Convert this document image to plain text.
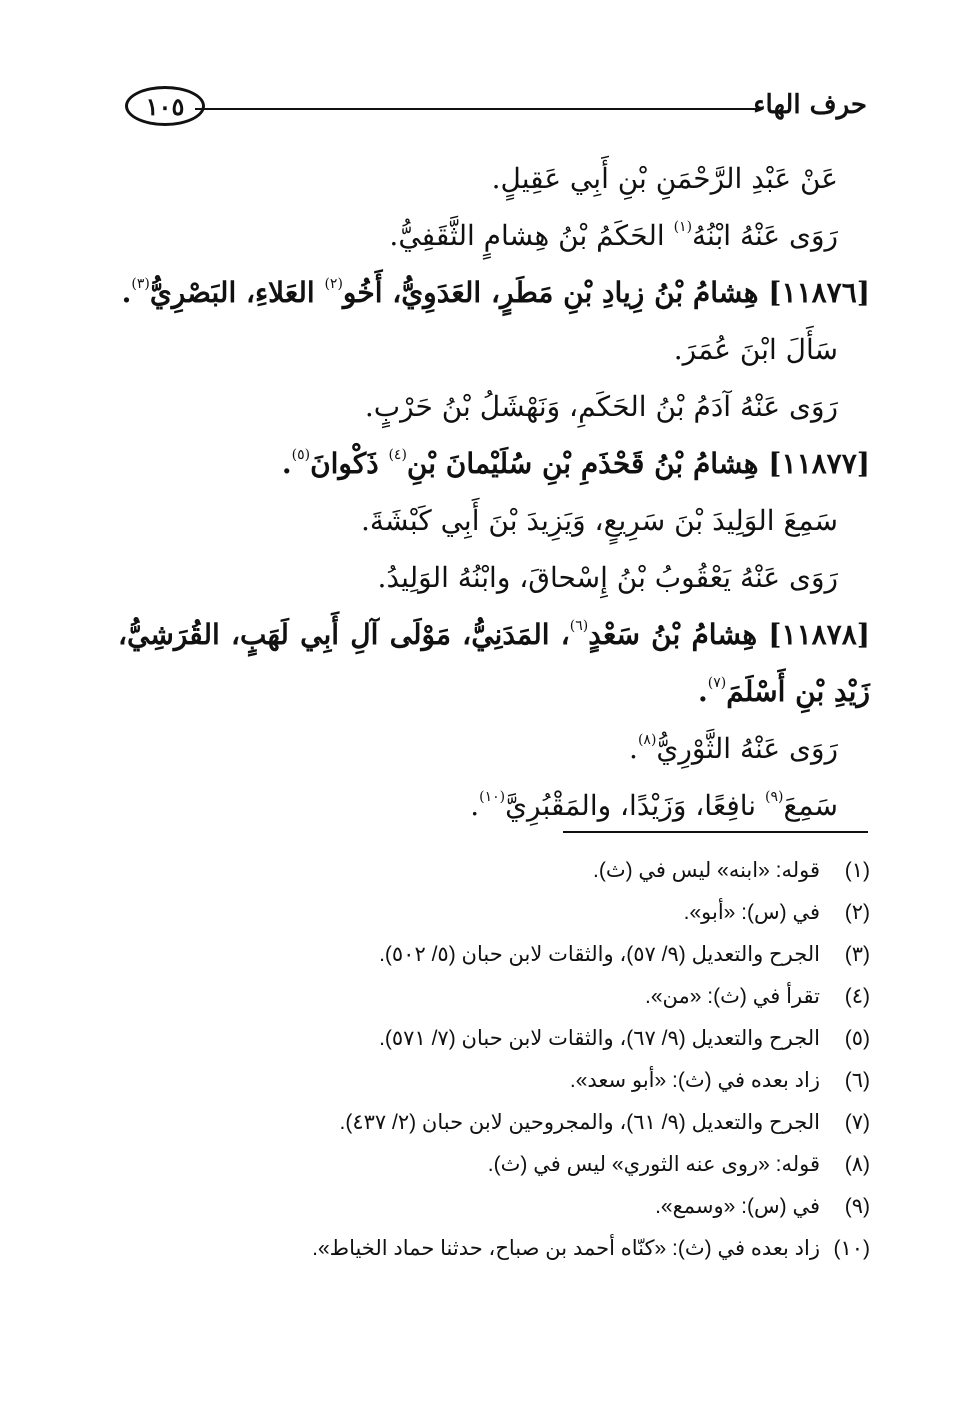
حرف الهاء
١٠٥
عَنْ عَبْدِ الرَّحْمَنِ بْنِ أَبِي عَقِيلٍ.
رَوَى عَنْهُ ابْنُهُ$^{(١)}$ الحَكَمُ بْنُ هِشامٍ الثَّقَفِيُّ.
[١١٨٧٦] هِشامُ بْنُ زِيادِ بْنِ مَطَرٍ، العَدَوِيُّ، أَخُو$^{(٢)}$ العَلاءِ، البَصْرِيُّ$^{(٣)}$.
سَأَلَ ابْنَ عُمَرَ.
رَوَى عَنْهُ آدَمُ بْنُ الحَكَمِ، وَنَهْشَلُ بْنُ حَرْبٍ.
[١١٨٧٧] هِشامُ بْنُ قَحْذَمِ بْنِ سُلَيْمانَ بْنِ$^{(٤)}$ ذَكْوانَ$^{(٥)}$.
سَمِعَ الوَلِيدَ بْنَ سَرِيعٍ، وَيَزِيدَ بْنَ أَبِي كَبْشَةَ.
رَوَى عَنْهُ يَعْقُوبُ بْنُ إِسْحاقَ، وابْنُهُ الوَلِيدُ.
[١١٨٧٨] هِشامُ بْنُ سَعْدٍ$^{(٦)}$، المَدَنِيُّ، مَوْلَى آلِ أَبِي لَهَبٍ، القُرَشِيُّ،
زَيْدِ بْنِ أَسْلَمَ$^{(٧)}$.
رَوَى عَنْهُ الثَّوْرِيُّ$^{(٨)}$.
سَمِعَ$^{(٩)}$ نافِعًا، وَزَيْدًا، والمَقْبُرِيَّ$^{(١٠)}$.
(١)قوله: «ابنه» ليس في (ث).
(٢)في (س): «أبو».
(٣)الجرح والتعديل (٩/ ٥٧)، والثقات لابن حبان (٥/ ٥٠٢).
(٤)تقرأ في (ث): «من».
(٥)الجرح والتعديل (٩/ ٦٧)، والثقات لابن حبان (٧/ ٥٧١).
(٦)زاد بعده في (ث): «أبو سعد».
(٧)الجرح والتعديل (٩/ ٦١)، والمجروحين لابن حبان (٢/ ٤٣٧).
(٨)قوله: «روى عنه الثوري» ليس في (ث).
(٩)في (س): «وسمع».
(١٠)زاد بعده في (ث): «كنّاه أحمد بن صباح، حدثنا حماد الخياط».
